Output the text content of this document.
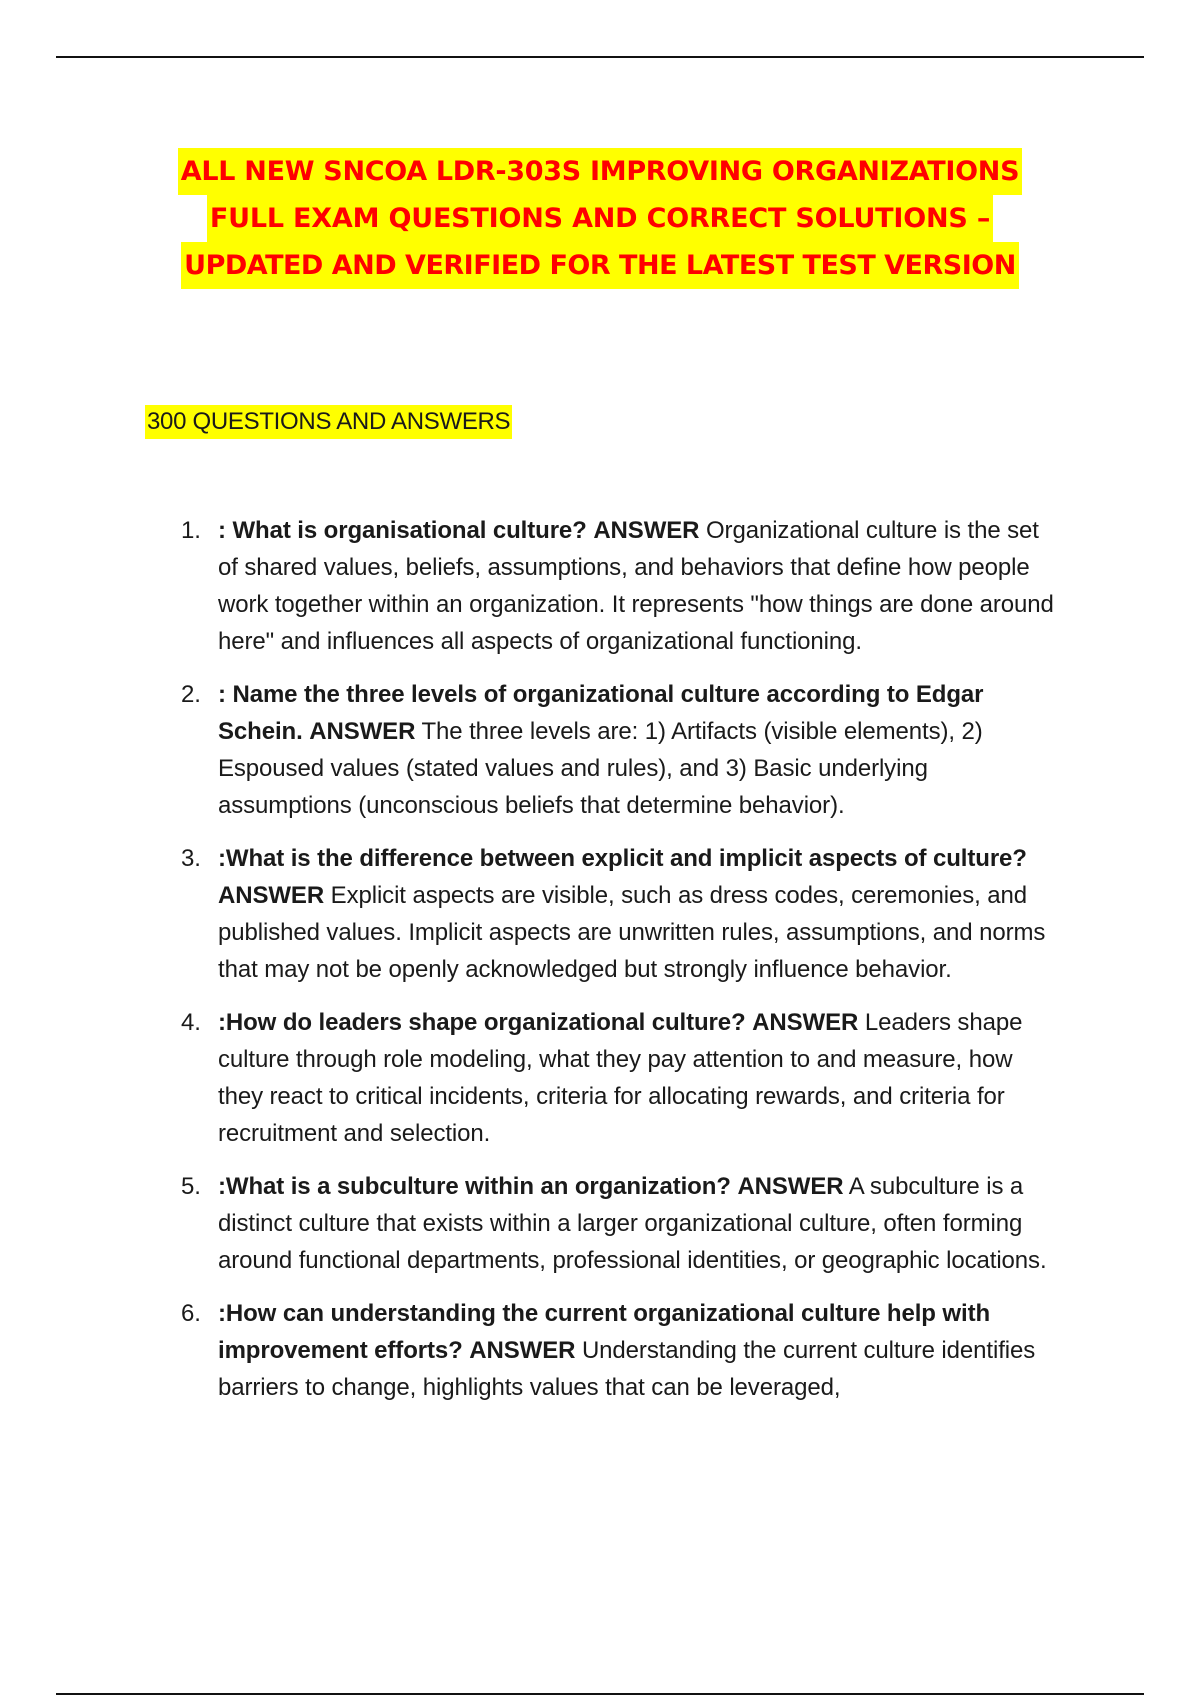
ALL NEW SNCOA LDR-303S IMPROVING ORGANIZATIONS
FULL EXAM QUESTIONS AND CORRECT SOLUTIONS –
UPDATED AND VERIFIED FOR THE LATEST TEST VERSION
300 QUESTIONS AND ANSWERS
1. : What is organisational culture? ANSWER Organizational culture is the set of shared values, beliefs, assumptions, and behaviors that define how people work together within an organization. It represents "how things are done around here" and influences all aspects of organizational functioning.
2. : Name the three levels of organizational culture according to Edgar Schein. ANSWER The three levels are: 1) Artifacts (visible elements), 2) Espoused values (stated values and rules), and 3) Basic underlying assumptions (unconscious beliefs that determine behavior).
3. :What is the difference between explicit and implicit aspects of culture? ANSWER Explicit aspects are visible, such as dress codes, ceremonies, and published values. Implicit aspects are unwritten rules, assumptions, and norms that may not be openly acknowledged but strongly influence behavior.
4. :How do leaders shape organizational culture? ANSWER Leaders shape culture through role modeling, what they pay attention to and measure, how they react to critical incidents, criteria for allocating rewards, and criteria for recruitment and selection.
5. :What is a subculture within an organization? ANSWER A subculture is a distinct culture that exists within a larger organizational culture, often forming around functional departments, professional identities, or geographic locations.
6. :How can understanding the current organizational culture help with improvement efforts? ANSWER Understanding the current culture identifies barriers to change, highlights values that can be leveraged,
